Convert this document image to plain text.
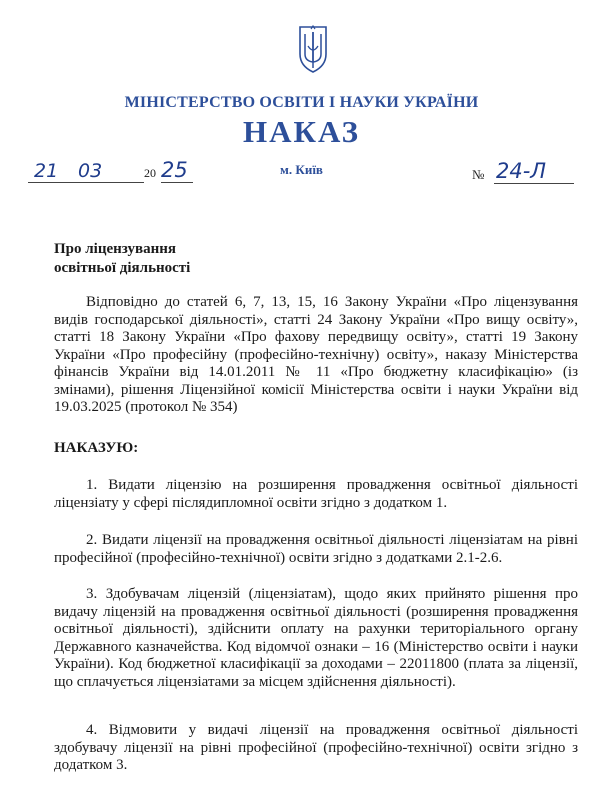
МІНІСТЕРСТВО ОСВІТИ І НАУКИ УКРАЇНИ
НАКАЗ
21 03	20 25	м. Київ	№ 24-Л
Про ліцензування
освітньої діяльності
Відповідно до статей 6, 7, 13, 15, 16 Закону України «Про ліцензування видів господарської діяльності», статті 24 Закону України «Про вищу освіту», статті 18 Закону України «Про фахову передвищу освіту», статті 19 Закону України «Про професійну (професійно-технічну) освіту», наказу Міністерства фінансів України від 14.01.2011 № 11 «Про бюджетну класифікацію» (із змінами), рішення Ліцензійної комісії Міністерства освіти і науки України від 19.03.2025 (протокол № 354)
НАКАЗУЮ:
1. Видати ліцензію на розширення провадження освітньої діяльності ліцензіату у сфері післядипломної освіти згідно з додатком 1.
2. Видати ліцензії на провадження освітньої діяльності ліцензіатам на рівні професійної (професійно-технічної) освіти згідно з додатками 2.1-2.6.
3. Здобувачам ліцензій (ліцензіатам), щодо яких прийнято рішення про видачу ліцензій на провадження освітньої діяльності (розширення провадження освітньої діяльності), здійснити оплату на рахунки територіального органу Державного казначейства. Код відомчої ознаки – 16 (Міністерство освіти і науки України). Код бюджетної класифікації за доходами – 22011800 (плата за ліцензії, що сплачується ліцензіатами за місцем здійснення діяльності).
4. Відмовити у видачі ліцензії на провадження освітньої діяльності здобувачу ліцензії на рівні професійної (професійно-технічної) освіти згідно з додатком 3.
